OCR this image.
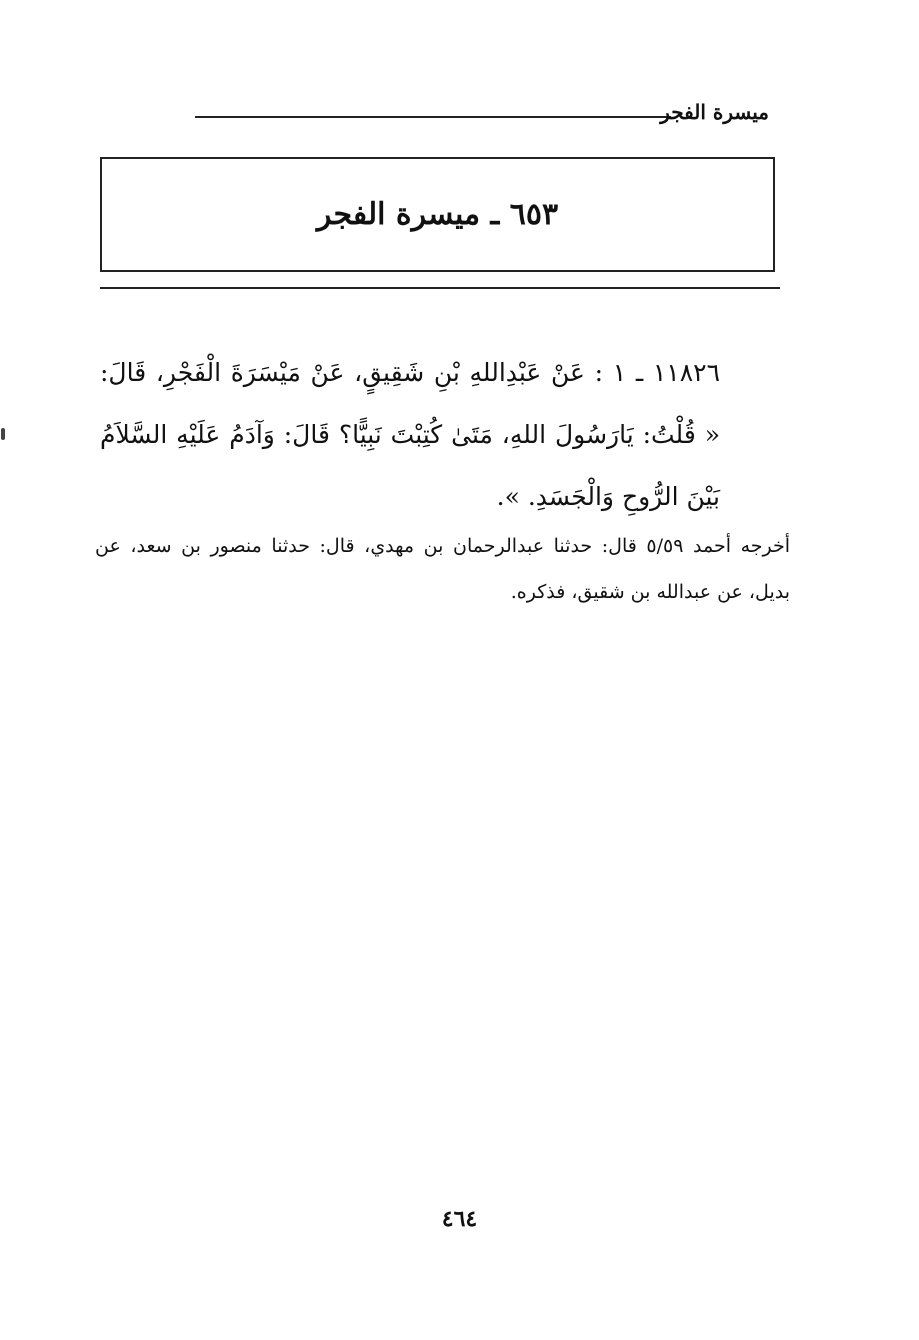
ميسرة الفجر
٦٥٣ ـ ميسرة الفجر
١١٨٢٦ ـ ١ : عَنْ عَبْدِاللهِ بْنِ شَقِيقٍ، عَنْ مَيْسَرَةَ الْفَجْرِ، قَالَ: « قُلْتُ: يَارَسُولَ اللهِ، مَتَىٰ كُتِبْتَ نَبِيًّا؟ قَالَ: وَآدَمُ عَلَيْهِ السَّلاَمُ بَيْنَ الرُّوحِ وَالْجَسَدِ. ».
أخرجه أحمد ٥/٥٩ قال: حدثنا عبدالرحمان بن مهدي، قال: حدثنا منصور بن سعد، عن بديل، عن عبدالله بن شقيق، فذكره.
٤٦٤
